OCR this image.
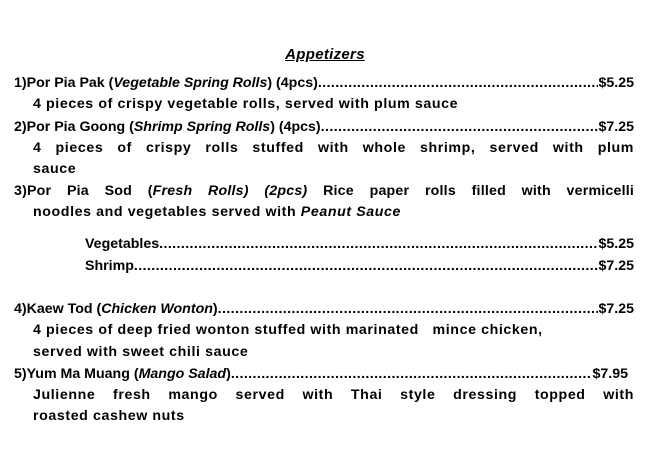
Appetizers
1) Por Pia Pak ( Vegetable Spring Rolls ) (4pcs) .....	$5.25
4 pieces of crispy vegetable rolls, served with plum sauce
2) Por Pia Goong ( Shrimp Spring Rolls ) (4pcs) .....	$7.25
4 pieces of crispy rolls stuffed with whole shrimp, served with plum
sauce
3)Por Pia Sod (Fresh Rolls) (2pcs) Rice paper rolls filled with vermicelli
noodles and vegetables served with Peanut Sauce
Vegetables .....	$5.25
Shrimp .....	$7.25
4) Kaew Tod ( Chicken Wonton ) .....	$7.25
4 pieces of deep fried wonton stuffed with marinated   mince chicken,
served with sweet chili sauce
5) Yum Ma Muang ( Mango Salad ) .....	$7.95
Julienne fresh mango served with Thai style dressing topped with
roasted cashew nuts
